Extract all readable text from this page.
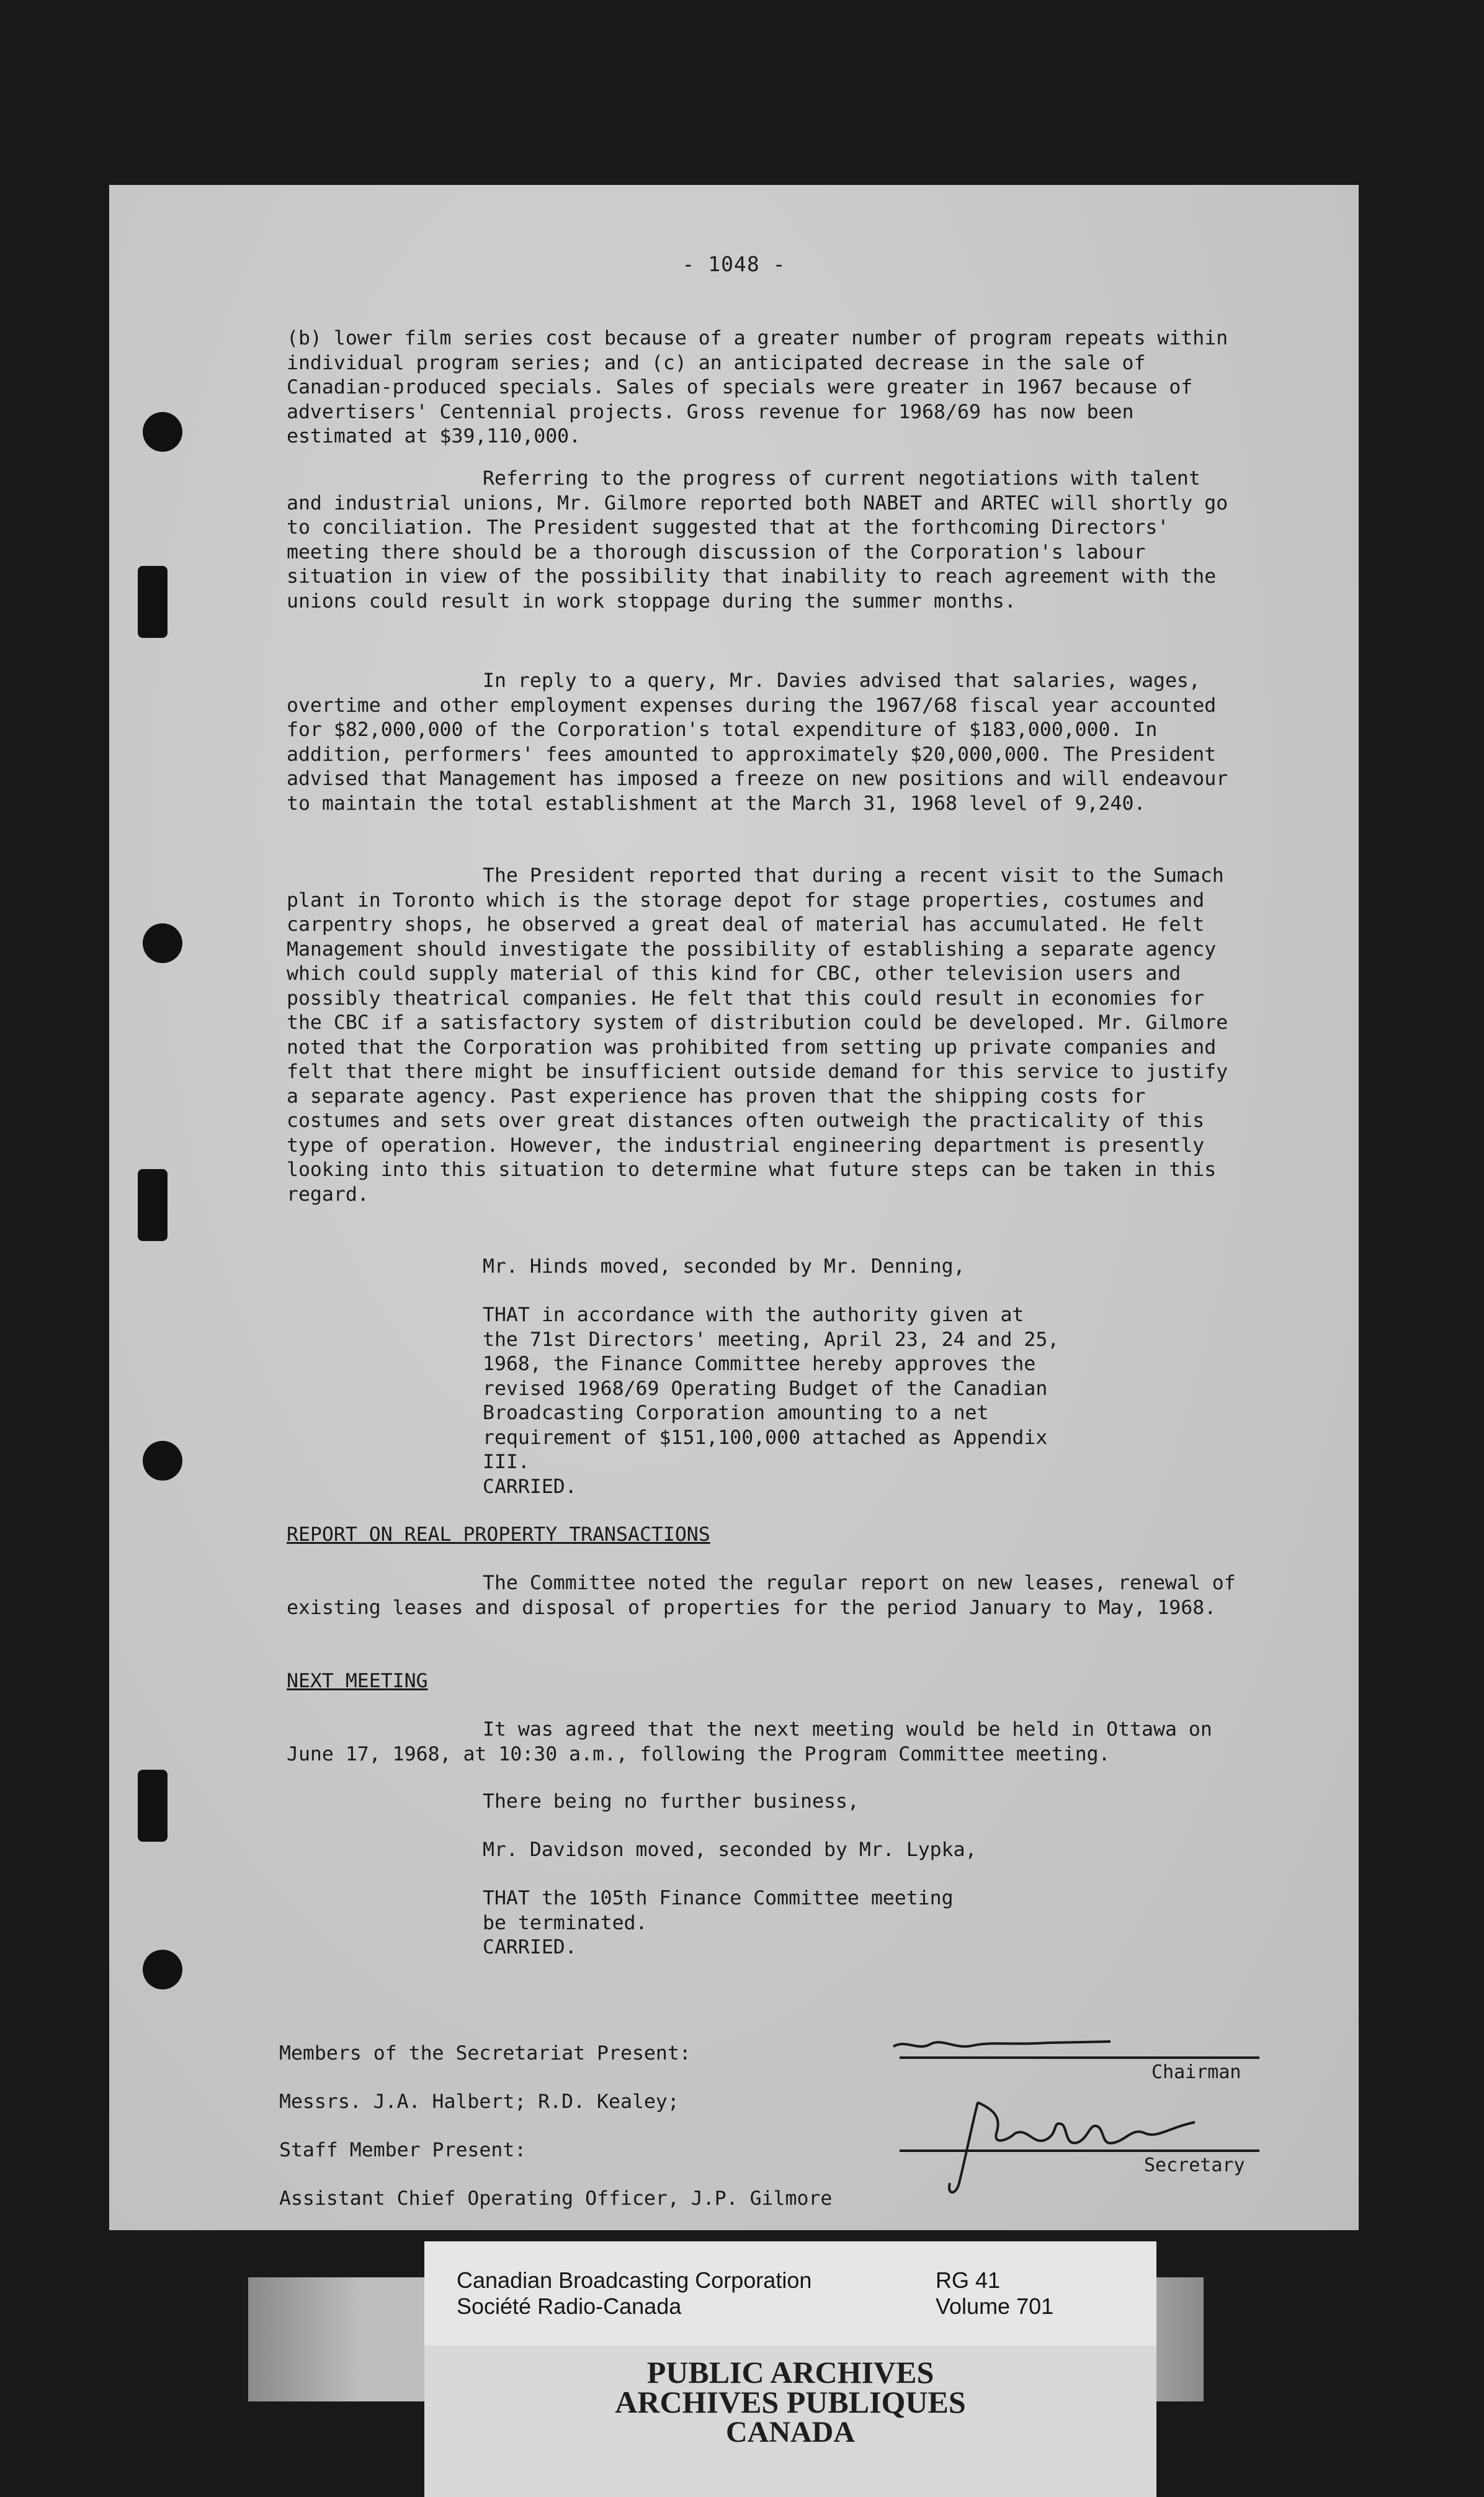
- 1048 -

(b) lower film series cost because of a greater number of program repeats within individual program series; and (c) an anticipated decrease in the sale of Canadian-produced specials. Sales of specials were greater in 1967 because of advertisers' Centennial projects. Gross revenue for 1968/69 has now been estimated at $39,110,000.

Referring to the progress of current negotiations with talent and industrial unions, Mr. Gilmore reported both NABET and ARTEC will shortly go to conciliation. The President suggested that at the forthcoming Directors' meeting there should be a thorough discussion of the Corporation's labour situation in view of the possibility that inability to reach agreement with the unions could result in work stoppage during the summer months.

In reply to a query, Mr. Davies advised that salaries, wages, overtime and other employment expenses during the 1967/68 fiscal year accounted for $82,000,000 of the Corporation's total expenditure of $183,000,000. In addition, performers' fees amounted to approximately $20,000,000. The President advised that Management has imposed a freeze on new positions and will endeavour to maintain the total establishment at the March 31, 1968 level of 9,240.

The President reported that during a recent visit to the Sumach plant in Toronto which is the storage depot for stage properties, costumes and carpentry shops, he observed a great deal of material has accumulated. He felt Management should investigate the possibility of establishing a separate agency which could supply material of this kind for CBC, other television users and possibly theatrical companies. He felt that this could result in economies for the CBC if a satisfactory system of distribution could be developed. Mr. Gilmore noted that the Corporation was prohibited from setting up private companies and felt that there might be insufficient outside demand for this service to justify a separate agency. Past experience has proven that the shipping costs for costumes and sets over great distances often outweigh the practicality of this type of operation. However, the industrial engineering department is presently looking into this situation to determine what future steps can be taken in this regard.

Mr. Hinds moved, seconded by Mr. Denning,
THAT in accordance with the authority given at the 71st Directors' meeting, April 23, 24 and 25, 1968, the Finance Committee hereby approves the revised 1968/69 Operating Budget of the Canadian Broadcasting Corporation amounting to a net requirement of $151,100,000 attached as Appendix III.
CARRIED.
REPORT ON REAL PROPERTY TRANSACTIONS

The Committee noted the regular report on new leases, renewal of existing leases and disposal of properties for the period January to May, 1968.

NEXT MEETING

It was agreed that the next meeting would be held in Ottawa on June 17, 1968, at 10:30 a.m., following the Program Committee meeting.

There being no further business,
Mr. Davidson moved, seconded by Mr. Lypka,
THAT the 105th Finance Committee meeting be terminated.
CARRIED.
Members of the Secretariat Present:
Messrs. J.A. Halbert; R.D. Kealey;
Staff Member Present:
Assistant Chief Operating Officer, J.P. Gilmore
Chairman
Secretary
Canadian Broadcasting Corporation
Société Radio-Canada
RG 41
Volume 701
PUBLIC ARCHIVES
ARCHIVES PUBLIQUES
CANADA
